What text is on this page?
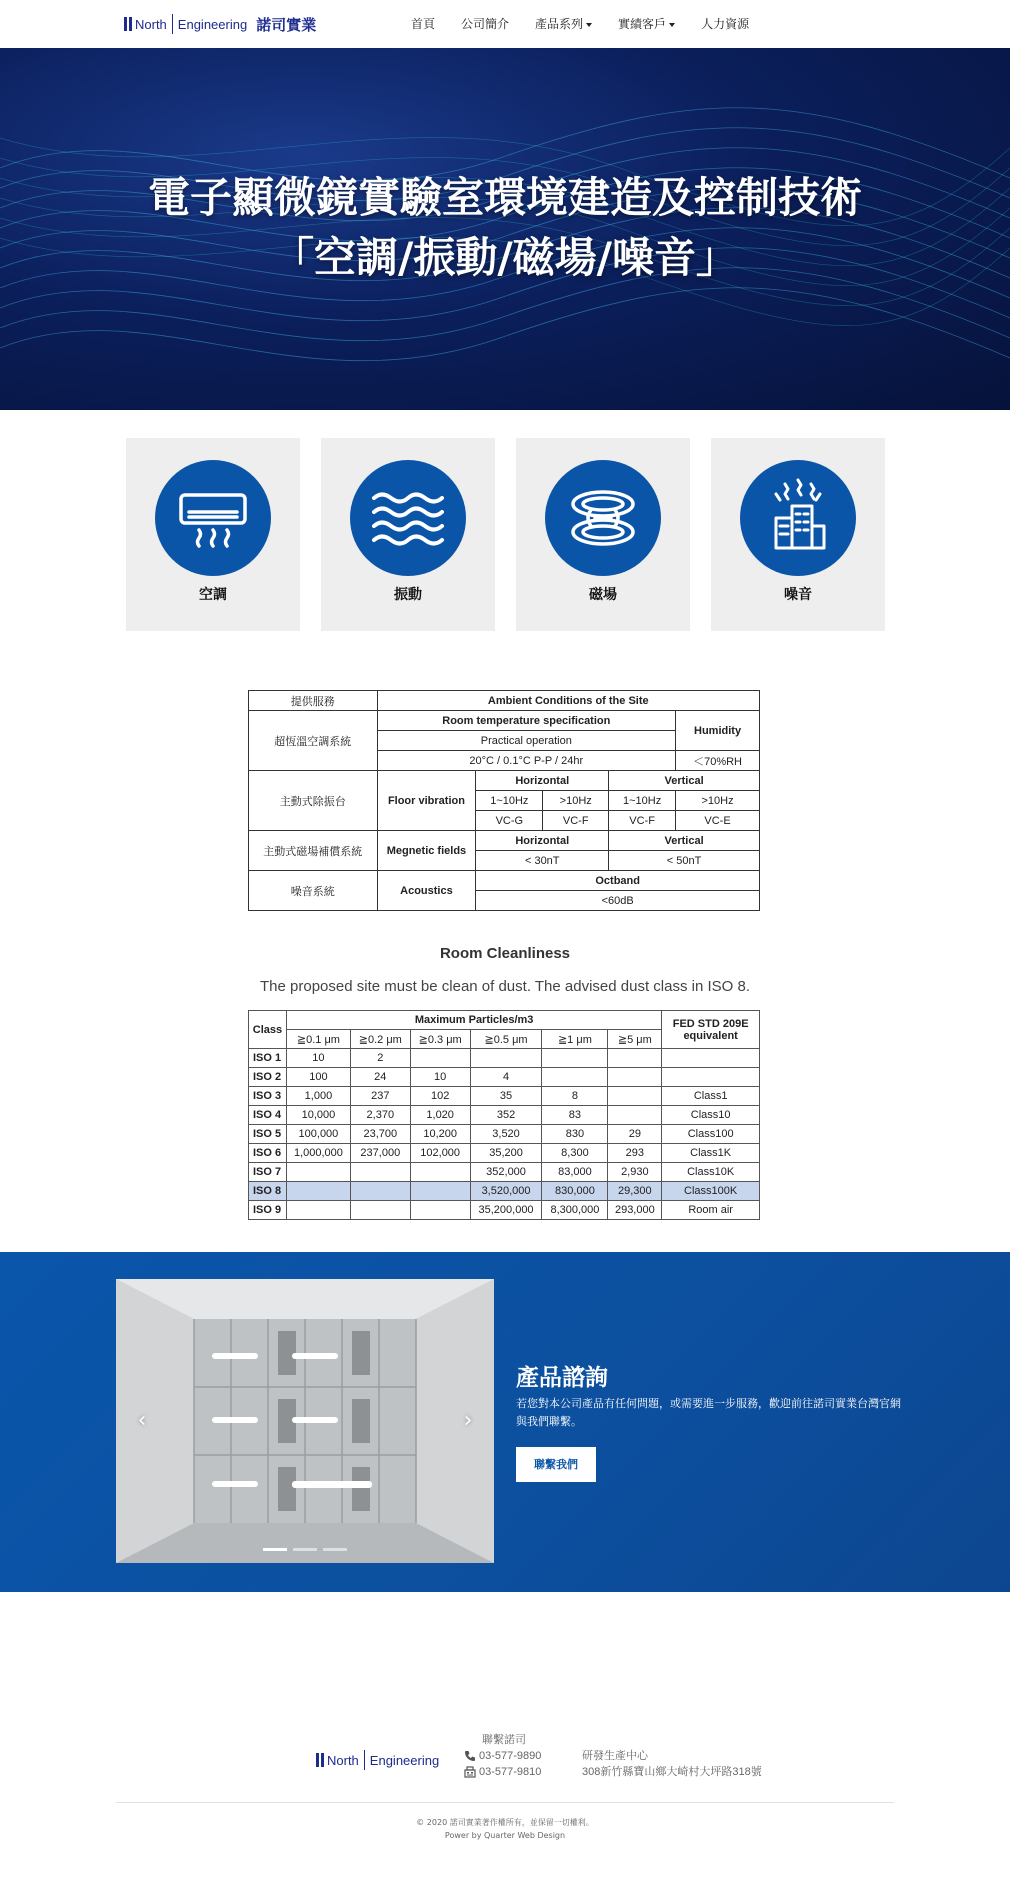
North Engineering 諾司實業	首頁 公司簡介 產品系列	實績客戶	人力資源
電子顯微鏡實驗室環境建造及控制技術
「空調/振動/磁場/噪音」
空調	振動	磁場	噪音
提供服務	Ambient Conditions of the Site				
超恆溫空調系統	Room temperature specification				Humidity
	Practical operation				
	20°C / 0.1°C P-P / 24hr				＜70%RH
主動式除振台	Floor vibration	Horizontal		Vertical	
		1~10Hz	>10Hz	1~10Hz	>10Hz
		VC-G	VC-F	VC-F	VC-E
主動式磁場補償系統	Megnetic fields	Horizontal		Vertical	
		< 30nT		< 50nT	
噪音系統	Acoustics	Octband			
		<60dB			
Room Cleanliness
The proposed site must be clean of dust. The advised dust class in ISO 8.
Class	Maximum Particles/m3						FED STD 209E equivalent
	≧0.1 μm	≧0.2 μm	≧0.3 μm	≧0.5 μm	≧1 μm	≧5 μm	
ISO 1	10	2					
ISO 2	100	24	10	4			
ISO 3	1,000	237	102	35	8		Class1
ISO 4	10,000	2,370	1,020	352	83		Class10
ISO 5	100,000	23,700	10,200	3,520	830	29	Class100
ISO 6	1,000,000	237,000	102,000	35,200	8,300	293	Class1K
ISO 7				352,000	83,000	2,930	Class10K
ISO 8				3,520,000	830,000	29,300	Class100K
ISO 9				35,200,000	8,300,000	293,000	Room air
‹	›
產品諮詢
若您對本公司產品有任何問題，或需要進一步服務，歡迎前往諾司實業台灣官網與我們聯繫。
聯繫我們
North Engineering
聯繫諾司
03-577-9890
03-577-9810
研發生產中心
308新竹縣寶山鄉大崎村大坪路318號
© 2020 諾司實業著作權所有，並保留一切權利。
Power by Quarter Web Design
